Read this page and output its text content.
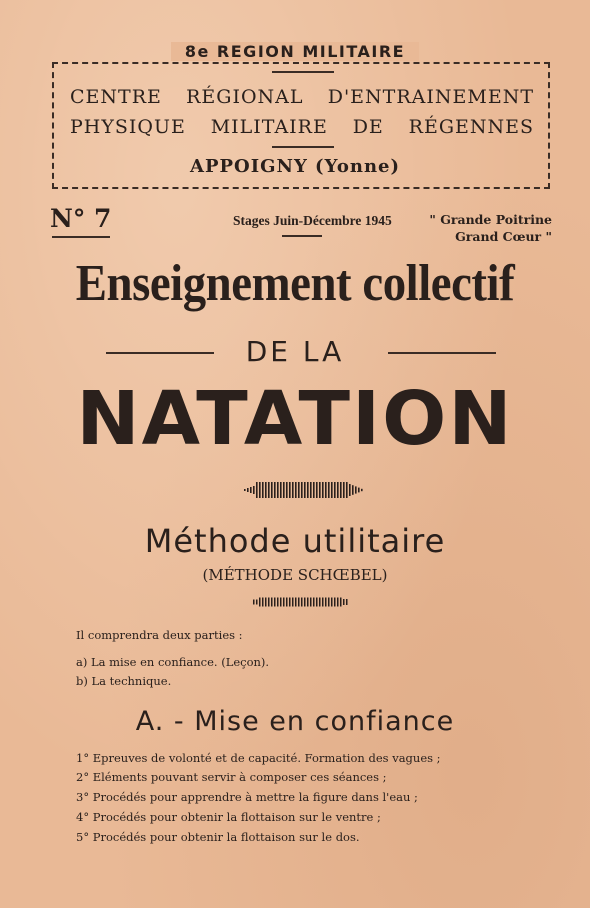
8e REGION MILITAIRE
CENTRE RÉGIONAL D'ENTRAINEMENT
PHYSIQUE MILITAIRE DE RÉGENNES
APPOIGNY (Yonne)
N° 7	Stages Juin-Décembre 1945	" Grande Poitrine
Grand Cœur "
Enseignement collectif
DE LA
NATATION
Méthode utilitaire
(MÉTHODE SCHŒBEL)
Il comprendra deux parties :
a) La mise en confiance. (Leçon).
b) La technique.
A. - Mise en confiance
1° Epreuves de volonté et de capacité. Formation des vagues ;
2° Eléments pouvant servir à composer ces séances ;
3° Procédés pour apprendre à mettre la figure dans l'eau ;
4° Procédés pour obtenir la flottaison sur le ventre ;
5° Procédés pour obtenir la flottaison sur le dos.
